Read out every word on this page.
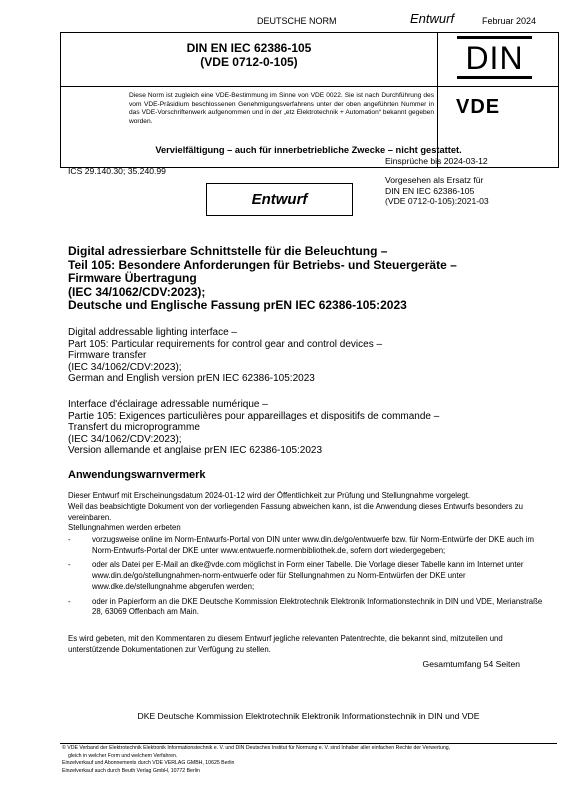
DEUTSCHE NORM	Entwurf	Februar 2024
DIN EN IEC 62386-105
(VDE 0712-0-105)	DIN
Diese Norm ist zugleich eine VDE-Bestimmung im Sinne von VDE 0022. Sie ist nach Durchführung des vom VDE-Präsidium beschlossenen Genehmigungsverfahrens unter der oben angeführten Nummer in das VDE-Vorschriftenwerk aufgenommen und in der „etz Elektrotechnik + Automation“ bekannt gegeben worden.
VDE
Vervielfältigung – auch für innerbetriebliche Zwecke – nicht gestattet.
Einsprüche bis 2024-03-12
ICS 29.140.30; 35.240.99
Vorgesehen als Ersatz für
DIN EN IEC 62386-105
(VDE 0712-0-105):2021-03
Entwurf
Digital adressierbare Schnittstelle für die Beleuchtung –
Teil 105: Besondere Anforderungen für Betriebs- und Steuergeräte –
Firmware Übertragung
(IEC 34/1062/CDV:2023);
Deutsche und Englische Fassung prEN IEC 62386-105:2023
Digital addressable lighting interface –
Part 105: Particular requirements for control gear and control devices –
Firmware transfer
(IEC 34/1062/CDV:2023);
German and English version prEN IEC 62386-105:2023
Interface d'éclairage adressable numérique –
Partie 105: Exigences particulières pour appareillages et dispositifs de commande –
Transfert du microprogramme
(IEC 34/1062/CDV:2023);
Version allemande et anglaise prEN IEC 62386-105:2023
Anwendungswarnvermerk
Dieser Entwurf mit Erscheinungsdatum 2024-01-12 wird der Öffentlichkeit zur Prüfung und Stellungnahme vorgelegt.
Weil das beabsichtigte Dokument von der vorliegenden Fassung abweichen kann, ist die Anwendung dieses Entwurfs besonders zu vereinbaren.
Stellungnahmen werden erbeten
-	vorzugsweise online im Norm-Entwurfs-Portal von DIN unter www.din.de/go/entwuerfe bzw. für Norm-Entwürfe der DKE auch im Norm-Entwurfs-Portal der DKE unter www.entwuerfe.normenbibliothek.de, sofern dort wiedergegeben;
-	oder als Datei per E-Mail an dke@vde.com möglichst in Form einer Tabelle. Die Vorlage dieser Tabelle kann im Internet unter www.din.de/go/stellungnahmen-norm-entwuerfe oder für Stellungnahmen zu Norm-Entwürfen der DKE unter www.dke.de/stellungnahme abgerufen werden;
-	oder in Papierform an die DKE Deutsche Kommission Elektrotechnik Elektronik Informationstechnik in DIN und VDE, Merianstraße 28, 63069 Offenbach am Main.
Es wird gebeten, mit den Kommentaren zu diesem Entwurf jegliche relevanten Patentrechte, die bekannt sind, mitzuteilen und unterstützende Dokumentationen zur Verfügung zu stellen.
Gesamtumfang 54 Seiten
DKE Deutsche Kommission Elektrotechnik Elektronik Informationstechnik in DIN und VDE
© VDE Verband der Elektrotechnik Elektronik Informationstechnik e. V. und DIN Deutsches Institut für Normung e. V. sind Inhaber aller einfachen Rechte der Verwertung,
gleich in welcher Form und welchem Verfahren.
Einzelverkauf und Abonnements durch VDE VERLAG GMBH, 10625 Berlin
Einzelverkauf auch durch Beuth Verlag GmbH, 10772 Berlin
